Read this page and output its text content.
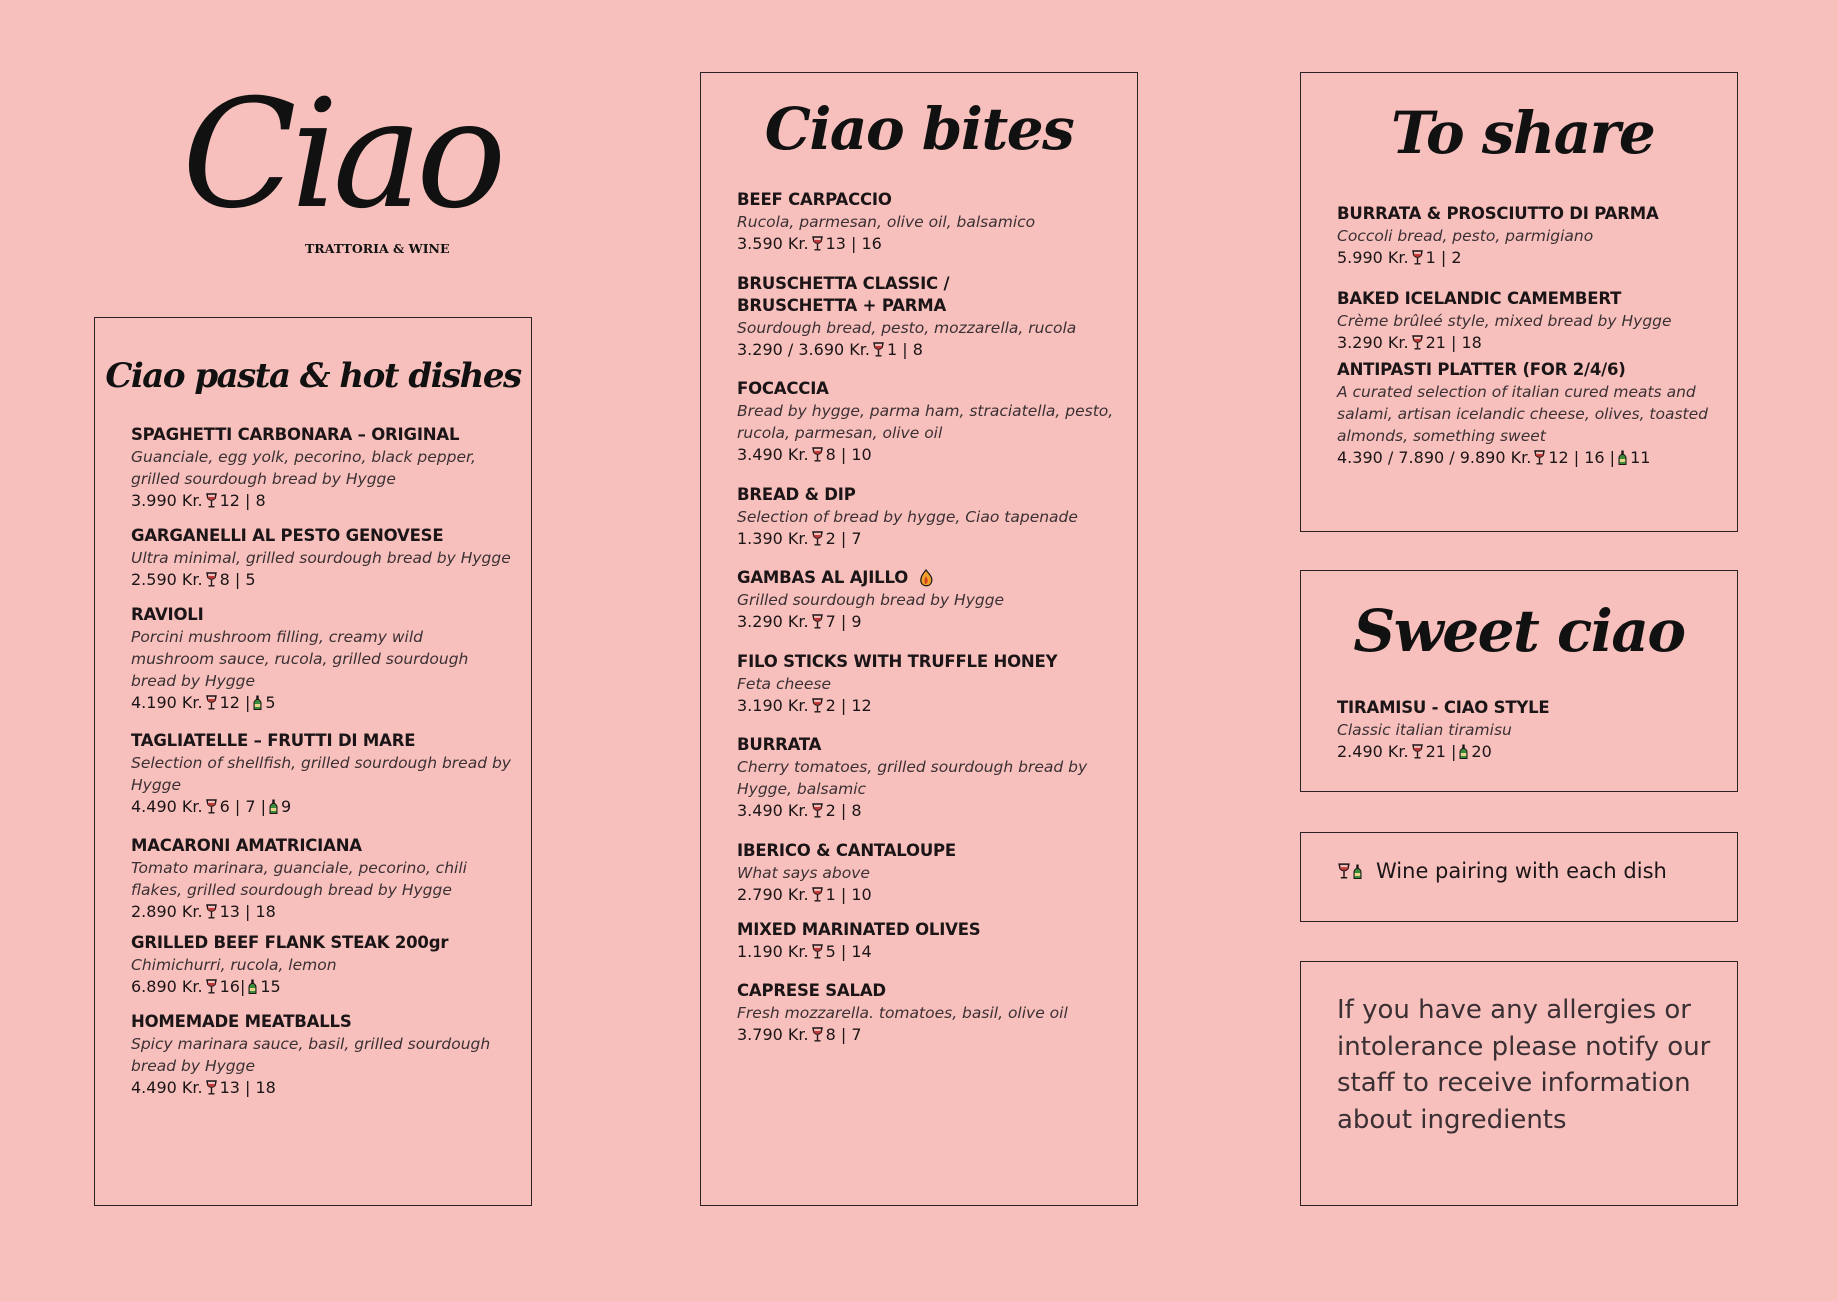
Ciao
TRATTORIA & WINE
Ciao pasta & hot dishes
SPAGHETTI CARBONARA – ORIGINAL
Guanciale, egg yolk, pecorino, black pepper, grilled sourdough bread by Hygge
3.990 Kr. 12 | 8
GARGANELLI AL PESTO GENOVESE
Ultra minimal, grilled sourdough bread by Hygge
2.590 Kr. 8 | 5
RAVIOLI
Porcini mushroom filling, creamy wild mushroom sauce, rucola, grilled sourdough bread by Hygge
4.190 Kr. 12 | 5
TAGLIATELLE – FRUTTI DI MARE
Selection of shellfish, grilled sourdough bread by Hygge
4.490 Kr. 6 | 7 | 9
MACARONI AMATRICIANA
Tomato marinara, guanciale, pecorino, chili flakes, grilled sourdough bread by Hygge
2.890 Kr. 13 | 18
GRILLED BEEF FLANK STEAK 200gr
Chimichurri, rucola, lemon
6.890 Kr. 16| 15
HOMEMADE MEATBALLS
Spicy marinara sauce, basil, grilled sourdough bread by Hygge
4.490 Kr. 13 | 18
Ciao bites
BEEF CARPACCIO
Rucola, parmesan, olive oil, balsamico
3.590 Kr. 13 | 16
BRUSCHETTA CLASSIC /
BRUSCHETTA + PARMA
Sourdough bread, pesto, mozzarella, rucola
3.290 / 3.690 Kr. 1 | 8
FOCACCIA
Bread by hygge, parma ham, straciatella, pesto, rucola, parmesan, olive oil
3.490 Kr. 8 | 10
BREAD & DIP
Selection of bread by hygge, Ciao tapenade
1.390 Kr. 2 | 7
GAMBAS AL AJILLO
Grilled sourdough bread by Hygge
3.290 Kr. 7 | 9
FILO STICKS WITH TRUFFLE HONEY
Feta cheese
3.190 Kr. 2 | 12
BURRATA
Cherry tomatoes, grilled sourdough bread by Hygge, balsamic
3.490 Kr. 2 | 8
IBERICO & CANTALOUPE
What says above
2.790 Kr. 1 | 10
MIXED MARINATED OLIVES
1.190 Kr. 5 | 14
CAPRESE SALAD
Fresh mozzarella. tomatoes, basil, olive oil
3.790 Kr. 8 | 7
To share
BURRATA & PROSCIUTTO DI PARMA
Coccoli bread, pesto, parmigiano
5.990 Kr. 1 | 2
BAKED ICELANDIC CAMEMBERT
Crème brûleé style, mixed bread by Hygge
3.290 Kr. 21 | 18
ANTIPASTI PLATTER (FOR 2/4/6)
A curated selection of italian cured meats and salami, artisan icelandic cheese, olives, toasted almonds, something sweet
4.390 / 7.890 / 9.890 Kr. 12 | 16 | 11
Sweet ciao
TIRAMISU - CIAO STYLE
Classic italian tiramisu
2.490 Kr. 21 | 20
Wine pairing with each dish
If you have any allergies or intolerance please notify our staff to receive information about ingredients
